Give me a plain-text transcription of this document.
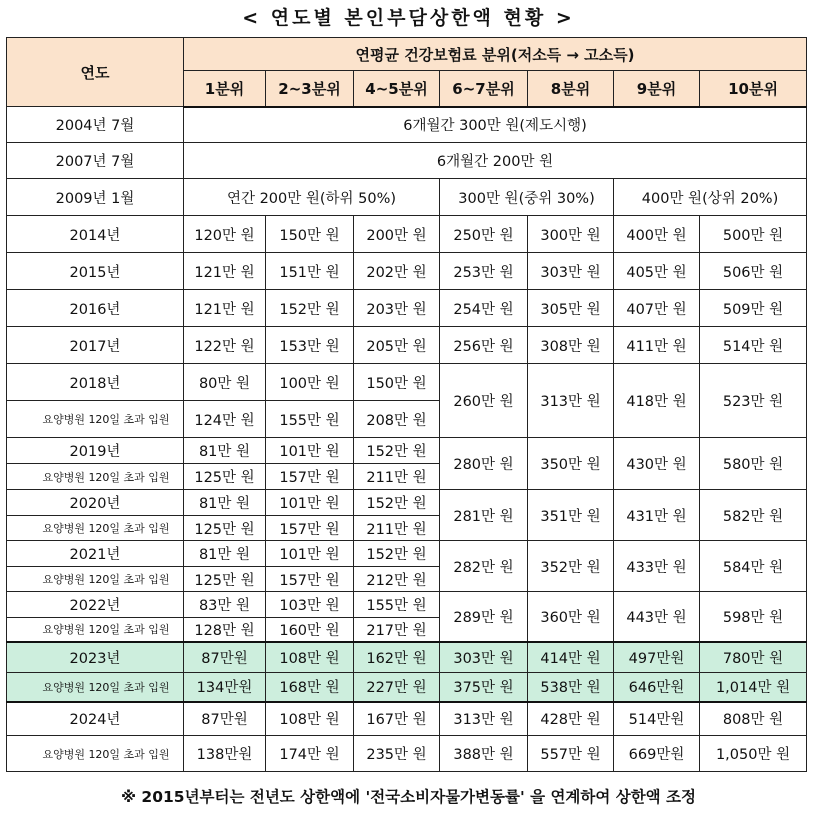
< 연도별 본인부담상한액 현황 >
연도	연평균 건강보험료 분위(저소득 → 고소득)						
	1분위	2~3분위	4~5분위	6~7분위	8분위	9분위	10분위
2004년 7월	6개월간 300만 원(제도시행)						
2007년 7월	6개월간 200만 원						
2009년 1월	연간 200만 원(하위 50%)			300만 원(중위 30%)		400만 원(상위 20%)	
2014년	120만 원	150만 원	200만 원	250만 원	300만 원	400만 원	500만 원
2015년	121만 원	151만 원	202만 원	253만 원	303만 원	405만 원	506만 원
2016년	121만 원	152만 원	203만 원	254만 원	305만 원	407만 원	509만 원
2017년	122만 원	153만 원	205만 원	256만 원	308만 원	411만 원	514만 원
2018년	80만 원	100만 원	150만 원	260만 원	313만 원	418만 원	523만 원
요양병원 120일 초과 입원	124만 원	155만 원	208만 원				
2019년	81만 원	101만 원	152만 원	280만 원	350만 원	430만 원	580만 원
요양병원 120일 초과 입원	125만 원	157만 원	211만 원				
2020년	81만 원	101만 원	152만 원	281만 원	351만 원	431만 원	582만 원
요양병원 120일 초과 입원	125만 원	157만 원	211만 원				
2021년	81만 원	101만 원	152만 원	282만 원	352만 원	433만 원	584만 원
요양병원 120일 초과 입원	125만 원	157만 원	212만 원				
2022년	83만 원	103만 원	155만 원	289만 원	360만 원	443만 원	598만 원
요양병원 120일 초과 입원	128만 원	160만 원	217만 원				
2023년	87만원	108만 원	162만 원	303만 원	414만 원	497만원	780만 원
요양병원 120일 초과 입원	134만원	168만 원	227만 원	375만 원	538만 원	646만원	1,014만 원
2024년	87만원	108만 원	167만 원	313만 원	428만 원	514만원	808만 원
요양병원 120일 초과 입원	138만원	174만 원	235만 원	388만 원	557만 원	669만원	1,050만 원
※ 2015년부터는 전년도 상한액에 '전국소비자물가변동률' 을 연계하여 상한액 조정
